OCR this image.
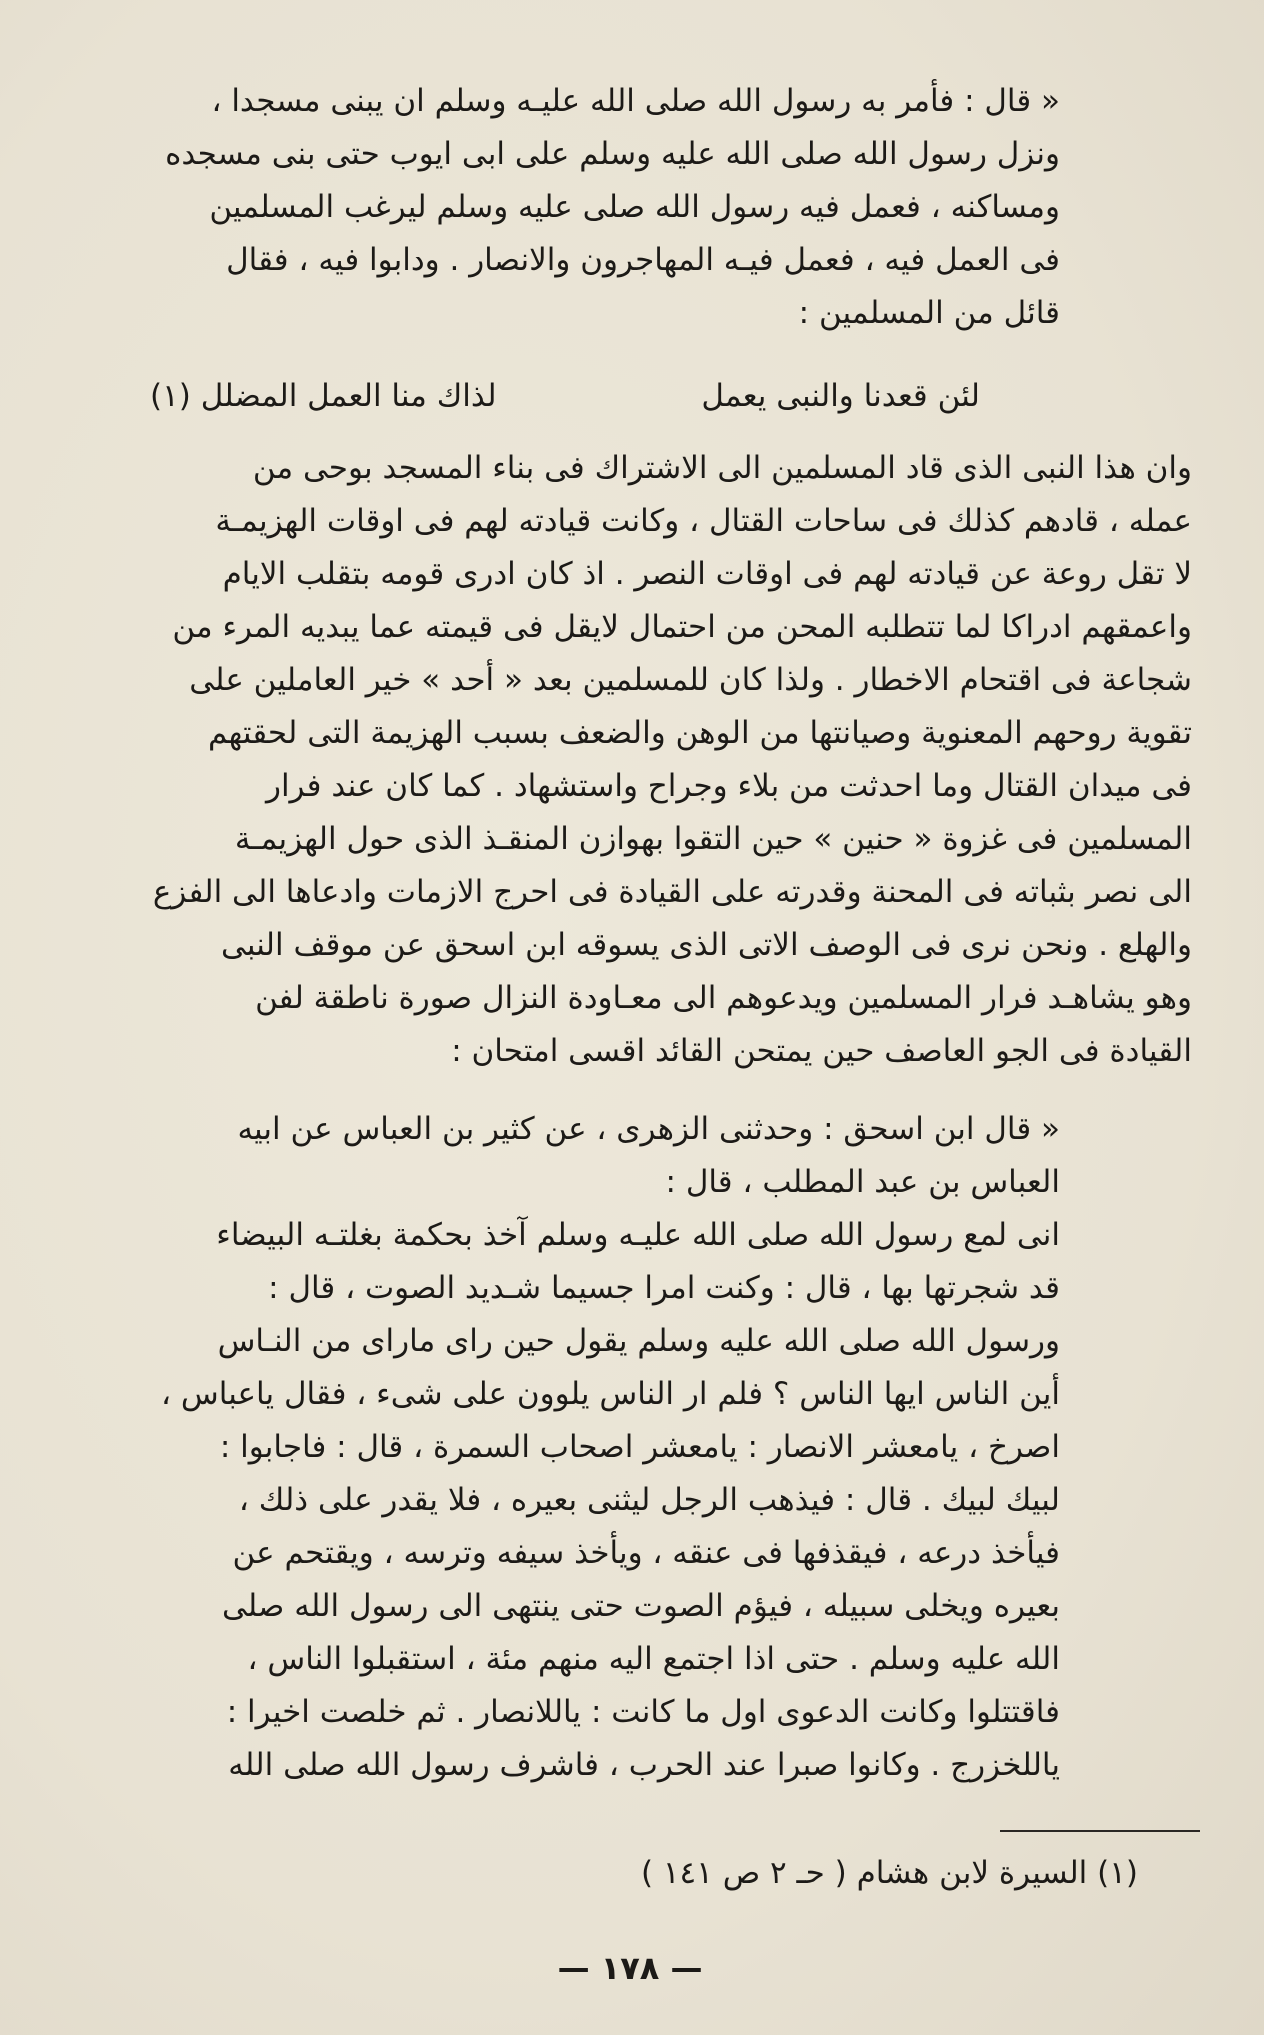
« قال : فأمر به رسول الله صلى الله عليـه وسلم ان يبنى مسجدا ،
ونزل رسول الله صلى الله عليه وسلم على ابى ايوب حتى بنى مسجده
ومساكنه ، فعمل فيه رسول الله صلى عليه وسلم ليرغب المسلمين
فى العمل فيه ، فعمل فيـه المهاجرون والانصار . ودابوا فيه ، فقال
قائل من المسلمين :
لئن قعدنا والنبى يعمل
لذاك منا العمل المضلل (١)
وان هذا النبى الذى قاد المسلمين الى الاشتراك فى بناء المسجد بوحى من
عمله ، قادهم كذلك فى ساحات القتال ، وكانت قيادته لهم فى اوقات الهزيمـة
لا تقل روعة عن قيادته لهم فى اوقات النصر . اذ كان ادرى قومه بتقلب الايام
واعمقهم ادراكا لما تتطلبه المحن من احتمال لايقل فى قيمته عما يبديه المرء من
شجاعة فى اقتحام الاخطار . ولذا كان للمسلمين بعد « أحد » خير العاملين على
تقوية روحهم المعنوية وصيانتها من الوهن والضعف بسبب الهزيمة التى لحقتهم
فى ميدان القتال وما احدثت من بلاء وجراح واستشهاد . كما كان عند فرار
المسلمين فى غزوة « حنين » حين التقوا بهوازن المنقـذ الذى حول الهزيمـة
الى نصر بثباته فى المحنة وقدرته على القيادة فى احرج الازمات وادعاها الى الفزع
والهلع . ونحن نرى فى الوصف الاتى الذى يسوقه ابن اسحق عن موقف النبى
وهو يشاهـد فرار المسلمين ويدعوهم الى معـاودة النزال صورة ناطقة لفن
القيادة فى الجو العاصف حين يمتحن القائد اقسى امتحان :
« قال ابن اسحق : وحدثنى الزهرى ، عن كثير بن العباس عن ابيه
العباس بن عبد المطلب ، قال :
انى لمع رسول الله صلى الله عليـه وسلم آخذ بحكمة بغلتـه البيضاء
قد شجرتها بها ، قال : وكنت امرا جسيما شـديد الصوت ، قال :
ورسول الله صلى الله عليه وسلم يقول حين راى ماراى من النـاس
أين الناس ايها الناس ؟ فلم ار الناس يلوون على شىء ، فقال ياعباس ،
اصرخ ، يامعشر الانصار : يامعشر اصحاب السمرة ، قال : فاجابوا :
لبيك لبيك . قال : فيذهب الرجل ليثنى بعيره ، فلا يقدر على ذلك ،
فيأخذ درعه ، فيقذفها فى عنقه ، ويأخذ سيفه وترسه ، ويقتحم عن
بعيره ويخلى سبيله ، فيؤم الصوت حتى ينتهى الى رسول الله صلى
الله عليه وسلم . حتى اذا اجتمع اليه منهم مئة ، استقبلوا الناس ،
فاقتتلوا وكانت الدعوى اول ما كانت : ياللانصار . ثم خلصت اخيرا :
ياللخزرج . وكانوا صبرا عند الحرب ، فاشرف رسول الله صلى الله
(١) السيرة لابن هشام ( حـ ٢ ص ١٤١ )
— ١٧٨ —
